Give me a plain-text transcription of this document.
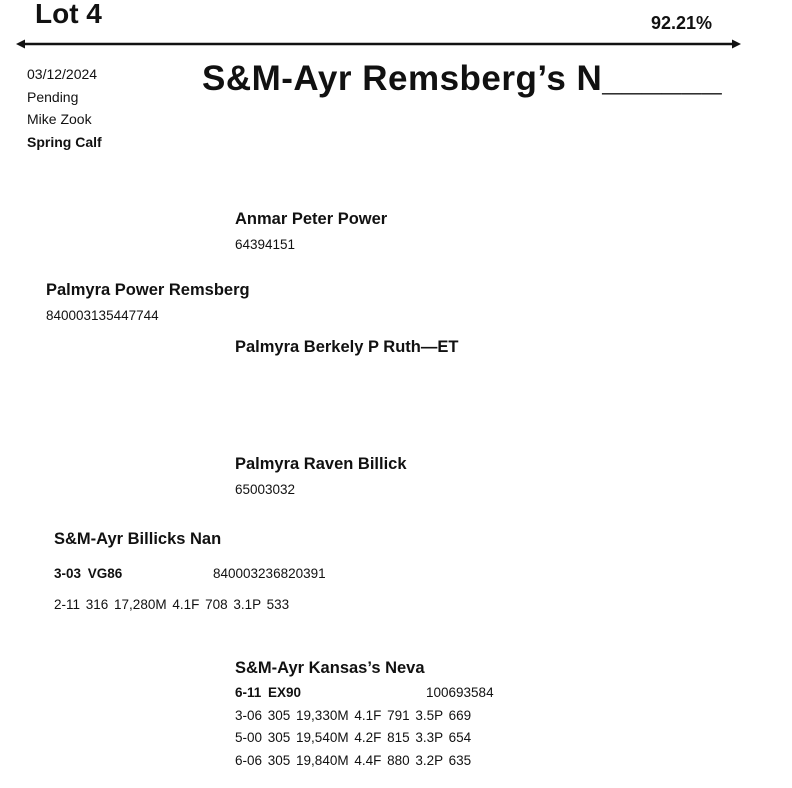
Lot 4	92.21%
S&M-Ayr Remsberg’s N______
03/12/2024
Pending
Mike Zook
Spring Calf
Anmar Peter Power
64394151
Palmyra Power Remsberg
840003135447744
Palmyra Berkely P Ruth—ET
Palmyra Raven Billick
65003032
S&M-Ayr Billicks Nan
3-03 VG86	840003236820391
2-11 316 17,280M 4.1F 708 3.1P 533
S&M-Ayr Kansas’s Neva
6-11 EX90	100693584
3-06 305 19,330M 4.1F 791 3.5P 669
5-00 305 19,540M 4.2F 815 3.3P 654
6-06 305 19,840M 4.4F 880 3.2P 635
